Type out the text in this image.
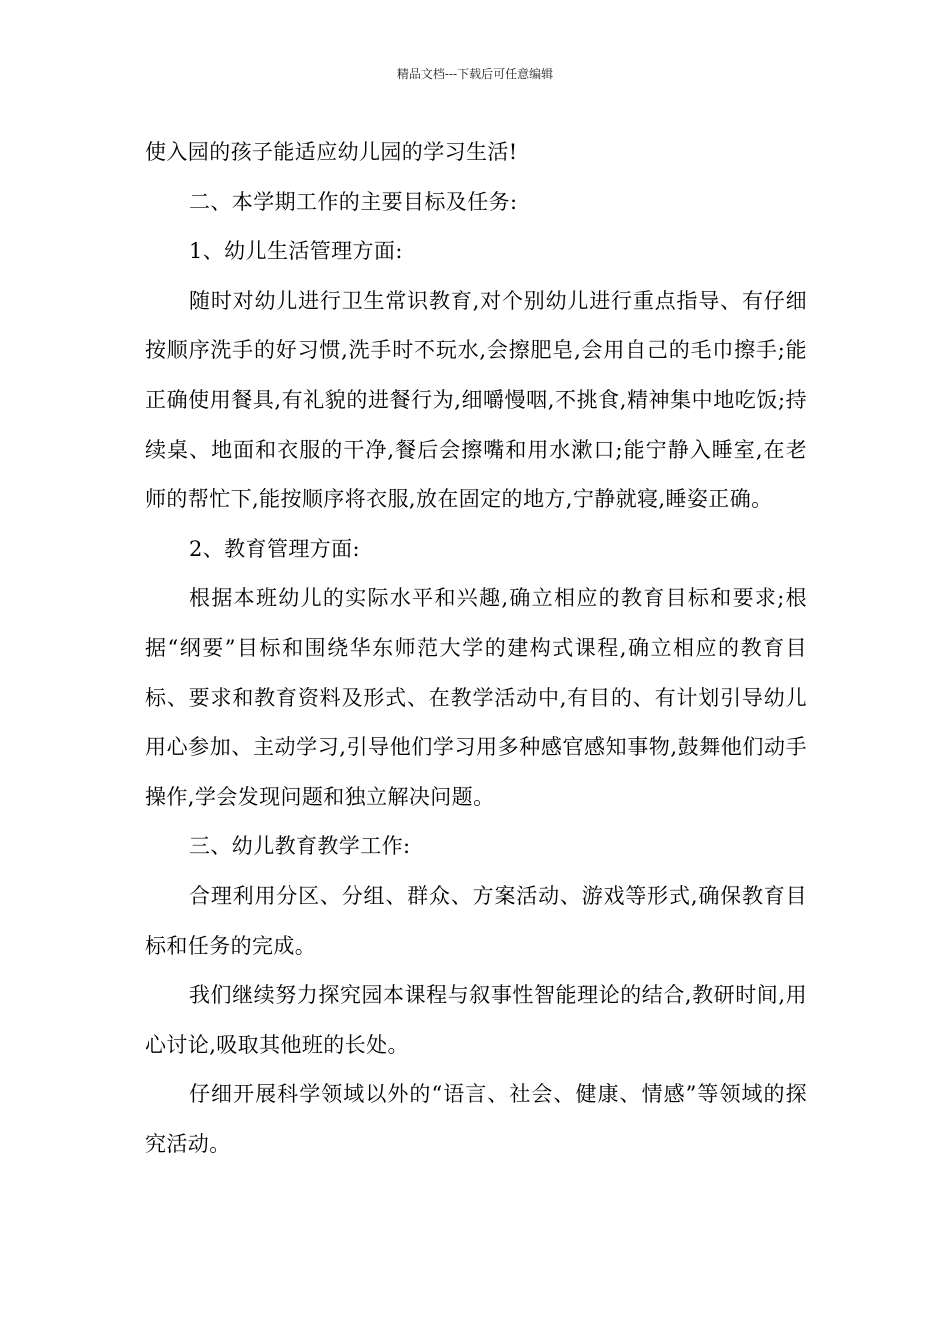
精品文档---下载后可任意编辑

使入园的孩子能适应幼儿园的学习生活!

二、本学期工作的主要目标及任务:

1、幼儿生活管理方面:

随时对幼儿进行卫生常识教育,对个别幼儿进行重点指导、有仔细按顺序洗手的好习惯,洗手时不玩水,会擦肥皂,会用自己的毛巾擦手;能正确使用餐具,有礼貌的进餐行为,细嚼慢咽,不挑食,精神集中地吃饭;持续桌、地面和衣服的干净,餐后会擦嘴和用水漱口;能宁静入睡室,在老师的帮忙下,能按顺序将衣服,放在固定的地方,宁静就寝,睡姿正确。

2、教育管理方面:

根据本班幼儿的实际水平和兴趣,确立相应的教育目标和要求;根据“纲要”目标和围绕华东师范大学的建构式课程,确立相应的教育目标、要求和教育资料及形式、在教学活动中,有目的、有计划引导幼儿用心参加、主动学习,引导他们学习用多种感官感知事物,鼓舞他们动手操作,学会发现问题和独立解决问题。

三、幼儿教育教学工作:

合理利用分区、分组、群众、方案活动、游戏等形式,确保教育目标和任务的完成。

我们继续努力探究园本课程与叙事性智能理论的结合,教研时间,用心讨论,吸取其他班的长处。

仔细开展科学领域以外的“语言、社会、健康、情感”等领域的探究活动。
